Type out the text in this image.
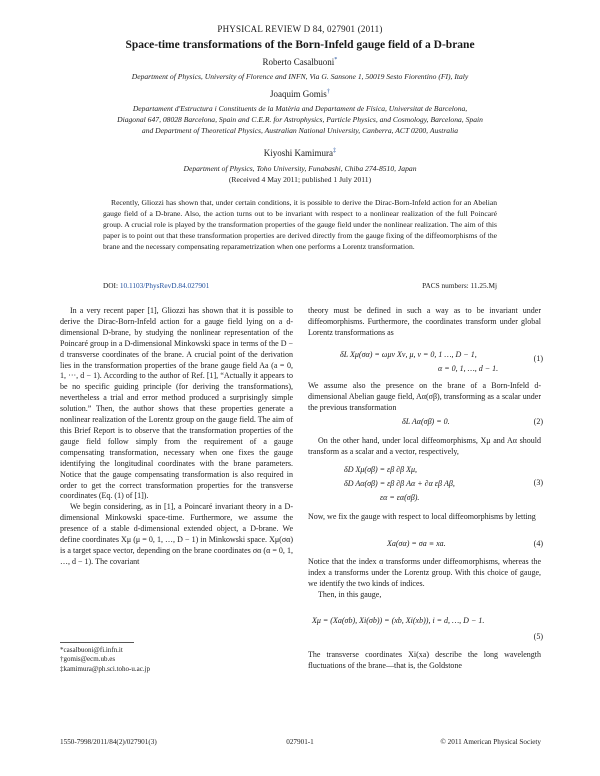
PHYSICAL REVIEW D 84, 027901 (2011)
Space-time transformations of the Born-Infeld gauge field of a D-brane
Roberto Casalbuoni*
Department of Physics, University of Florence and INFN, Via G. Sansone 1, 50019 Sesto Fiorentino (FI), Italy
Joaquim Gomis†
Departament d'Estructura i Constituents de la Matèria and Departament de Física, Universitat de Barcelona,
Diagonal 647, 08028 Barcelona, Spain and C.E.R. for Astrophysics, Particle Physics, and Cosmology, Barcelona, Spain
and Department of Theoretical Physics, Australian National University, Canberra, ACT 0200, Australia
Kiyoshi Kamimura‡
Department of Physics, Toho University, Funabashi, Chiba 274-8510, Japan
(Received 4 May 2011; published 1 July 2011)
Recently, Gliozzi has shown that, under certain conditions, it is possible to derive the Dirac-Born-Infeld action for an Abelian gauge field of a D-brane. Also, the action turns out to be invariant with respect to a nonlinear realization of the full Poincaré group. A crucial role is played by the transformation properties of the gauge field under the nonlinear realization. The aim of this paper is to point out that these transformation properties are derived directly from the gauge fixing of the diffeomorphisms of the brane and the necessary compensating reparametrization when one performs a Lorentz transformation.
DOI: 10.1103/PhysRevD.84.027901	PACS numbers: 11.25.Mj

In a very recent paper [1], Gliozzi has shown that it is possible to derive the Dirac-Born-Infeld action for a gauge field lying on a d-dimensional D-brane, by studying the nonlinear representation of the Poincaré group in a D-dimensional Minkowski space in terms of the D − d transverse coordinates of the brane. A crucial point of the derivation lies in the transformation properties of the brane gauge field Aa (a = 0, 1, ···, d − 1). According to the author of Ref. [1], “Actually it appears to be no specific guiding principle (for deriving the transformations), nevertheless a trial and error method produced a surprisingly simple solution.” Then, the author shows that these properties generate a nonlinear realization of the Lorentz group on the gauge field. The aim of this Brief Report is to observe that the transformation properties of the gauge field follow simply from the requirement of a gauge compensating transformation, necessary when one fixes the gauge identifying the longitudinal coordinates with the brane parameters. Notice that the gauge compensating transformation is also required in order to get the correct transformation properties for the transverse coordinates (Eq. (1) of [1]).

We begin considering, as in [1], a Poincaré invariant theory in a D-dimensional Minkowski space-time. Furthermore, we assume the presence of a stable d-dimensional extended object, a D-brane. We define coordinates Xμ (μ = 0, 1, …, D − 1) in Minkowski space. Xμ(σα) is a target space vector, depending on the brane coordinates σα (α = 0, 1, …, d − 1). The covariant

*casalbuoni@fi.infn.it
†gomis@ecm.ub.es
‡kamimura@ph.sci.toho-u.ac.jp

theory must be defined in such a way as to be invariant under diffeomorphisms. Furthermore, the coordinates transform under global Lorentz transformations as

δL Xμ(σα) = ωμν Xν, μ, ν = 0, 1 …, D − 1,
α = 0, 1, …, d − 1.
(1)

We assume also the presence on the brane of a Born-Infeld d-dimensional Abelian gauge field, Aα(σβ), transforming as a scalar under the previous transformation

δL Aα(σβ) = 0.	(2)

On the other hand, under local diffeomorphisms, Xμ and Aα should transform as a scalar and a vector, respectively,

δD Xμ(σβ) = εβ ∂β Xμ,
δD Aα(σβ) = εβ ∂β Aα + ∂α εβ Aβ,
εα = εα(σβ).
(3)

Now, we fix the gauge with respect to local diffeomorphisms by letting

Xa(σα) = σa ≡ xa.	(4)

Notice that the index α transforms under diffeomorphisms, whereas the index a transforms under the Lorentz group. With this choice of gauge, we identify the two kinds of indices.

Then, in this gauge,

Xμ = (Xa(σb), Xi(σb)) = (xb, Xi(xb)), i = d, …, D − 1.
(5)

The transverse coordinates Xi(xa) describe the long wavelength fluctuations of the brane—that is, the Goldstone

1550-7998/2011/84(2)/027901(3)	027901-1	© 2011 American Physical Society
